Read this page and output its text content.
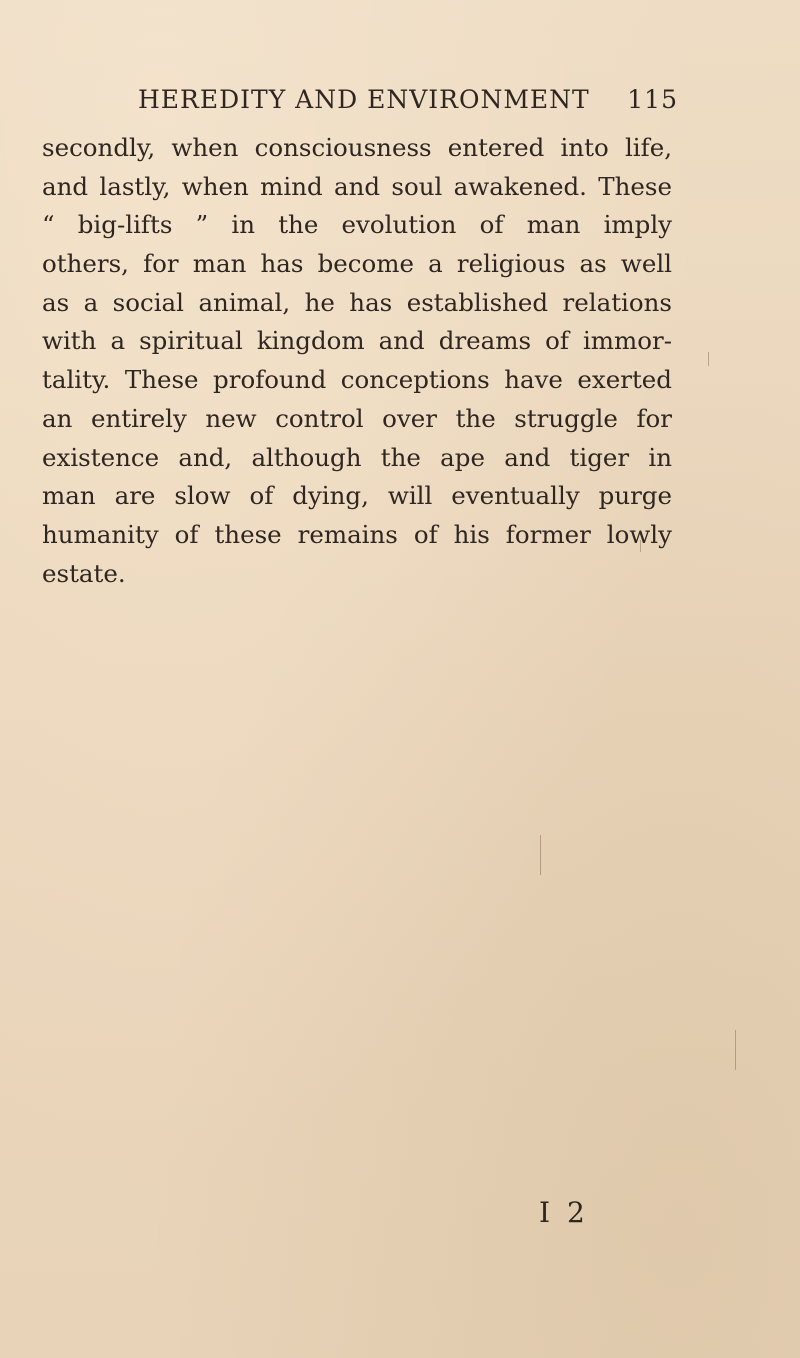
HEREDITY AND ENVIRONMENT 115

secondly, when consciousness entered into life,
and lastly, when mind and soul awakened. These
“ big-lifts ” in the evolution of man imply
others, for man has become a religious as well
as a social animal, he has established relations
with a spiritual kingdom and dreams of immor-
tality. These profound conceptions have exerted
an entirely new control over the struggle for
existence and, although the ape and tiger in
man are slow of dying, will eventually purge
humanity of these remains of his former lowly
estate.

I 2
